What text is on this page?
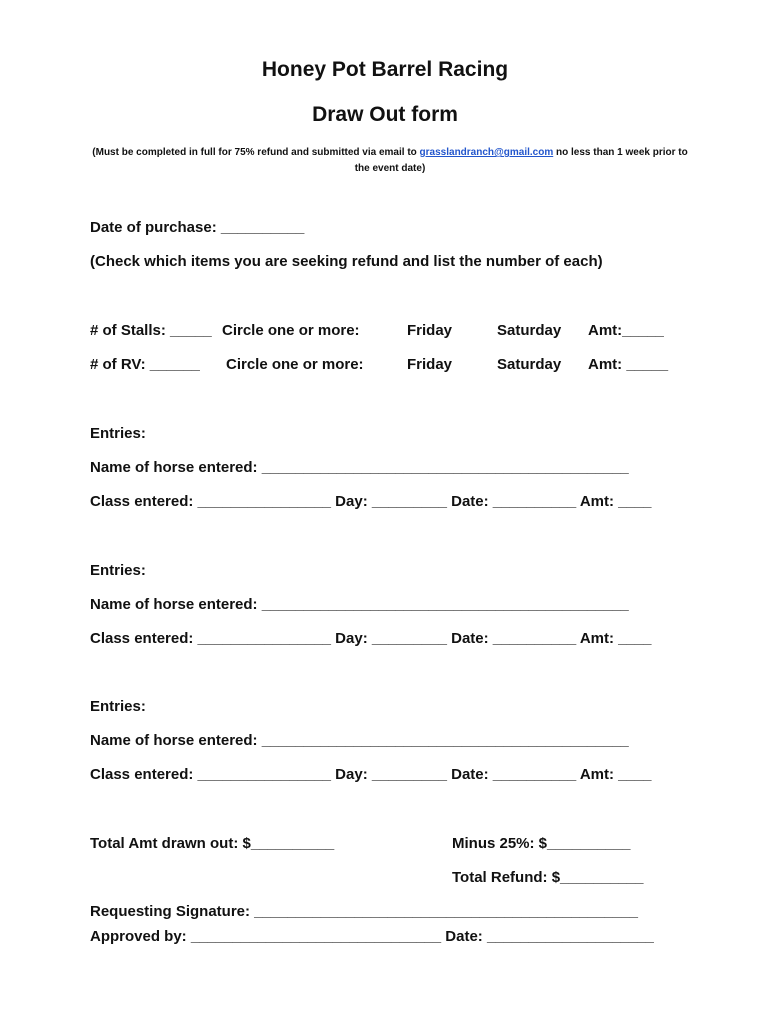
Honey Pot Barrel Racing
Draw Out form
(Must be completed in full for 75% refund and submitted via email to grasslandranch@gmail.com no less than 1 week prior to the event date)
Date of purchase: __________
(Check which items you are seeking refund and list the number of each)
# of Stalls: _____ Circle one or more:	Friday	Saturday Amt:_____
# of RV: ______ Circle one or more:	Friday	Saturday Amt: _____
Entries:
Name of horse entered: ____________________________________________
Class entered: ________________ Day: _________ Date: __________ Amt: ____
Entries:
Name of horse entered: ____________________________________________
Class entered: ________________ Day: _________ Date: __________ Amt: ____
Entries:
Name of horse entered: ____________________________________________
Class entered: ________________ Day: _________ Date: __________ Amt: ____
Total Amt drawn out: $__________	Minus 25%: $__________
Total Refund: $__________
Requesting Signature: ______________________________________________
Approved by: ______________________________ Date: ____________________
